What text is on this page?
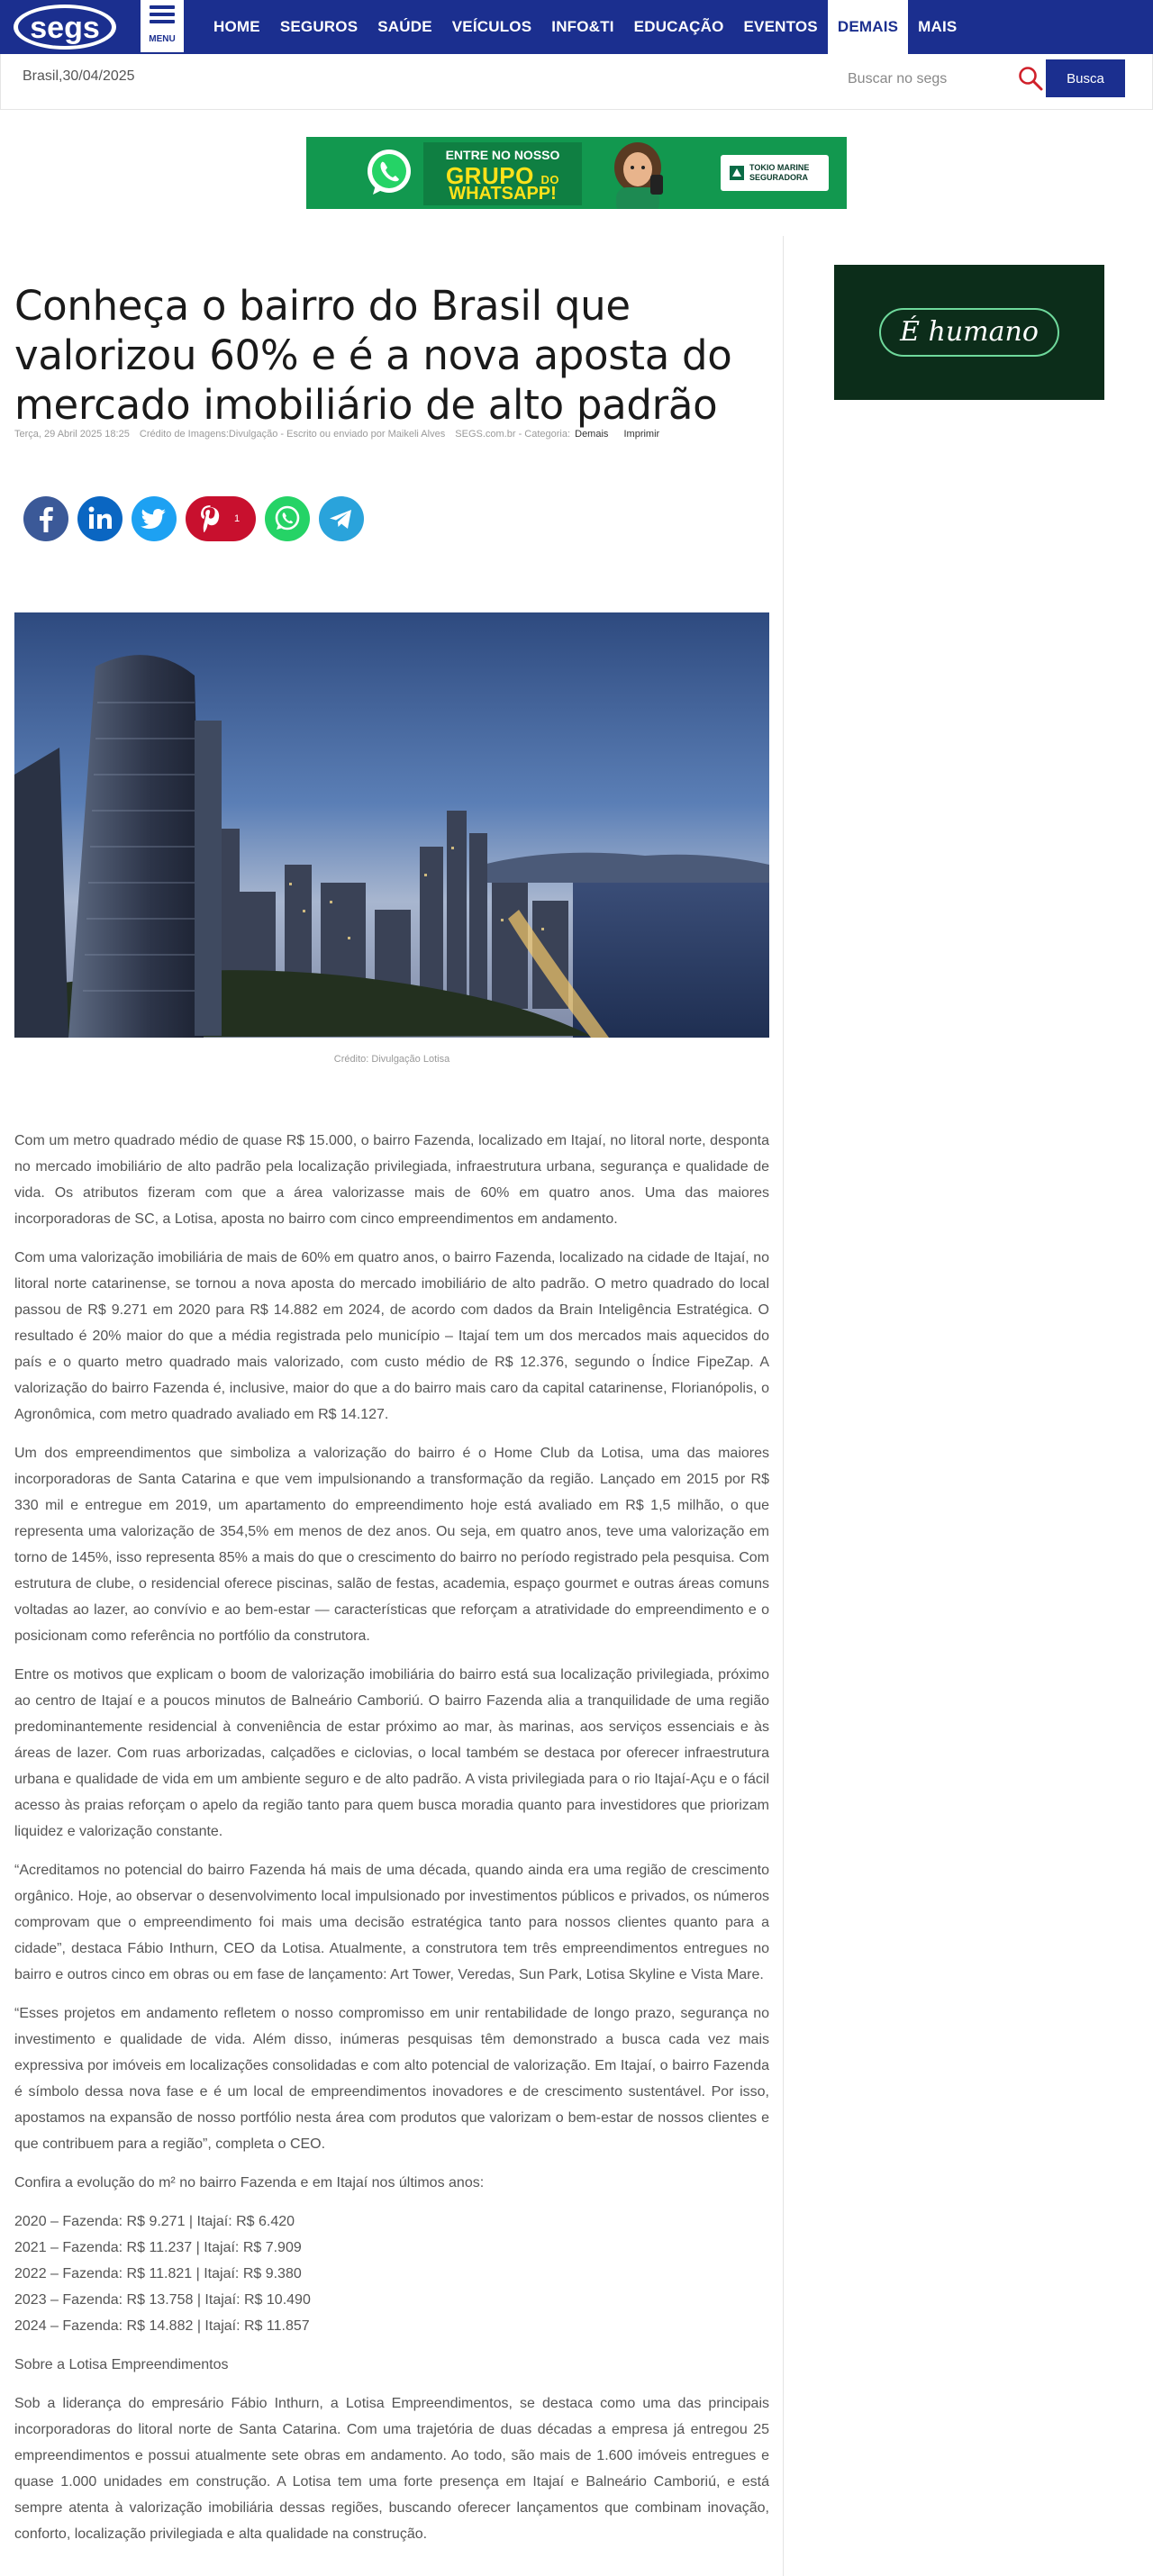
segs	MENU
HOME	SEGUROS	SAÚDE	VEÍCULOS	INFO&TI	EDUCAÇÃO	EVENTOS	DEMAIS	MAIS
Brasil,30/04/2025
Buscar no segs	Busca
ENTRE NO NOSSO
GRUPO DO
WHATSAPP!
TOKIO MARINE SEGURADORA
Conheça o bairro do Brasil que valorizou 60% e é a nova aposta do mercado imobiliário de alto padrão
Terça, 29 Abril 2025 18:25 Crédito de Imagens:Divulgação - Escrito ou enviado por Maikeli Alves SEGS.com.br - Categoria: Demais Imprimir
1
Crédito: Divulgação Lotisa

Com um metro quadrado médio de quase R$ 15.000, o bairro Fazenda, localizado em Itajaí, no litoral norte, desponta no mercado imobiliário de alto padrão pela localização privilegiada, infraestrutura urbana, segurança e qualidade de vida. Os atributos fizeram com que a área valorizasse mais de 60% em quatro anos. Uma das maiores incorporadoras de SC, a Lotisa, aposta no bairro com cinco empreendimentos em andamento.

Com uma valorização imobiliária de mais de 60% em quatro anos, o bairro Fazenda, localizado na cidade de Itajaí, no litoral norte catarinense, se tornou a nova aposta do mercado imobiliário de alto padrão. O metro quadrado do local passou de R$ 9.271 em 2020 para R$ 14.882 em 2024, de acordo com dados da Brain Inteligência Estratégica. O resultado é 20% maior do que a média registrada pelo município – Itajaí tem um dos mercados mais aquecidos do país e o quarto metro quadrado mais valorizado, com custo médio de R$ 12.376, segundo o Índice FipeZap. A valorização do bairro Fazenda é, inclusive, maior do que a do bairro mais caro da capital catarinense, Florianópolis, o Agronômica, com metro quadrado avaliado em R$ 14.127.

Um dos empreendimentos que simboliza a valorização do bairro é o Home Club da Lotisa, uma das maiores incorporadoras de Santa Catarina e que vem impulsionando a transformação da região. Lançado em 2015 por R$ 330 mil e entregue em 2019, um apartamento do empreendimento hoje está avaliado em R$ 1,5 milhão, o que representa uma valorização de 354,5% em menos de dez anos. Ou seja, em quatro anos, teve uma valorização em torno de 145%, isso representa 85% a mais do que o crescimento do bairro no período registrado pela pesquisa. Com estrutura de clube, o residencial oferece piscinas, salão de festas, academia, espaço gourmet e outras áreas comuns voltadas ao lazer, ao convívio e ao bem-estar — características que reforçam a atratividade do empreendimento e o posicionam como referência no portfólio da construtora.

Entre os motivos que explicam o boom de valorização imobiliária do bairro está sua localização privilegiada, próximo ao centro de Itajaí e a poucos minutos de Balneário Camboriú. O bairro Fazenda alia a tranquilidade de uma região predominantemente residencial à conveniência de estar próximo ao mar, às marinas, aos serviços essenciais e às áreas de lazer. Com ruas arborizadas, calçadões e ciclovias, o local também se destaca por oferecer infraestrutura urbana e qualidade de vida em um ambiente seguro e de alto padrão. A vista privilegiada para o rio Itajaí-Açu e o fácil acesso às praias reforçam o apelo da região tanto para quem busca moradia quanto para investidores que priorizam liquidez e valorização constante.

“Acreditamos no potencial do bairro Fazenda há mais de uma década, quando ainda era uma região de crescimento orgânico. Hoje, ao observar o desenvolvimento local impulsionado por investimentos públicos e privados, os números comprovam que o empreendimento foi mais uma decisão estratégica tanto para nossos clientes quanto para a cidade”, destaca Fábio Inthurn, CEO da Lotisa. Atualmente, a construtora tem três empreendimentos entregues no bairro e outros cinco em obras ou em fase de lançamento: Art Tower, Veredas, Sun Park, Lotisa Skyline e Vista Mare.

“Esses projetos em andamento refletem o nosso compromisso em unir rentabilidade de longo prazo, segurança no investimento e qualidade de vida. Além disso, inúmeras pesquisas têm demonstrado a busca cada vez mais expressiva por imóveis em localizações consolidadas e com alto potencial de valorização. Em Itajaí, o bairro Fazenda é símbolo dessa nova fase e é um local de empreendimentos inovadores e de crescimento sustentável. Por isso, apostamos na expansão de nosso portfólio nesta área com produtos que valorizam o bem-estar de nossos clientes e que contribuem para a região”, completa o CEO.

Confira a evolução do m² no bairro Fazenda e em Itajaí nos últimos anos:

2020 – Fazenda: R$ 9.271 | Itajaí: R$ 6.420

2021 – Fazenda: R$ 11.237 | Itajaí: R$ 7.909

2022 – Fazenda: R$ 11.821 | Itajaí: R$ 9.380

2023 – Fazenda: R$ 13.758 | Itajaí: R$ 10.490

2024 – Fazenda: R$ 14.882 | Itajaí: R$ 11.857

Sobre a Lotisa Empreendimentos

Sob a liderança do empresário Fábio Inthurn, a Lotisa Empreendimentos, se destaca como uma das principais incorporadoras do litoral norte de Santa Catarina. Com uma trajetória de duas décadas a empresa já entregou 25 empreendimentos e possui atualmente sete obras em andamento. Ao todo, são mais de 1.600 imóveis entregues e quase 1.000 unidades em construção. A Lotisa tem uma forte presença em Itajaí e Balneário Camboriú, e está sempre atenta à valorização imobiliária dessas regiões, buscando oferecer lançamentos que combinam inovação, conforto, localização privilegiada e alta qualidade na construção.

É humano
